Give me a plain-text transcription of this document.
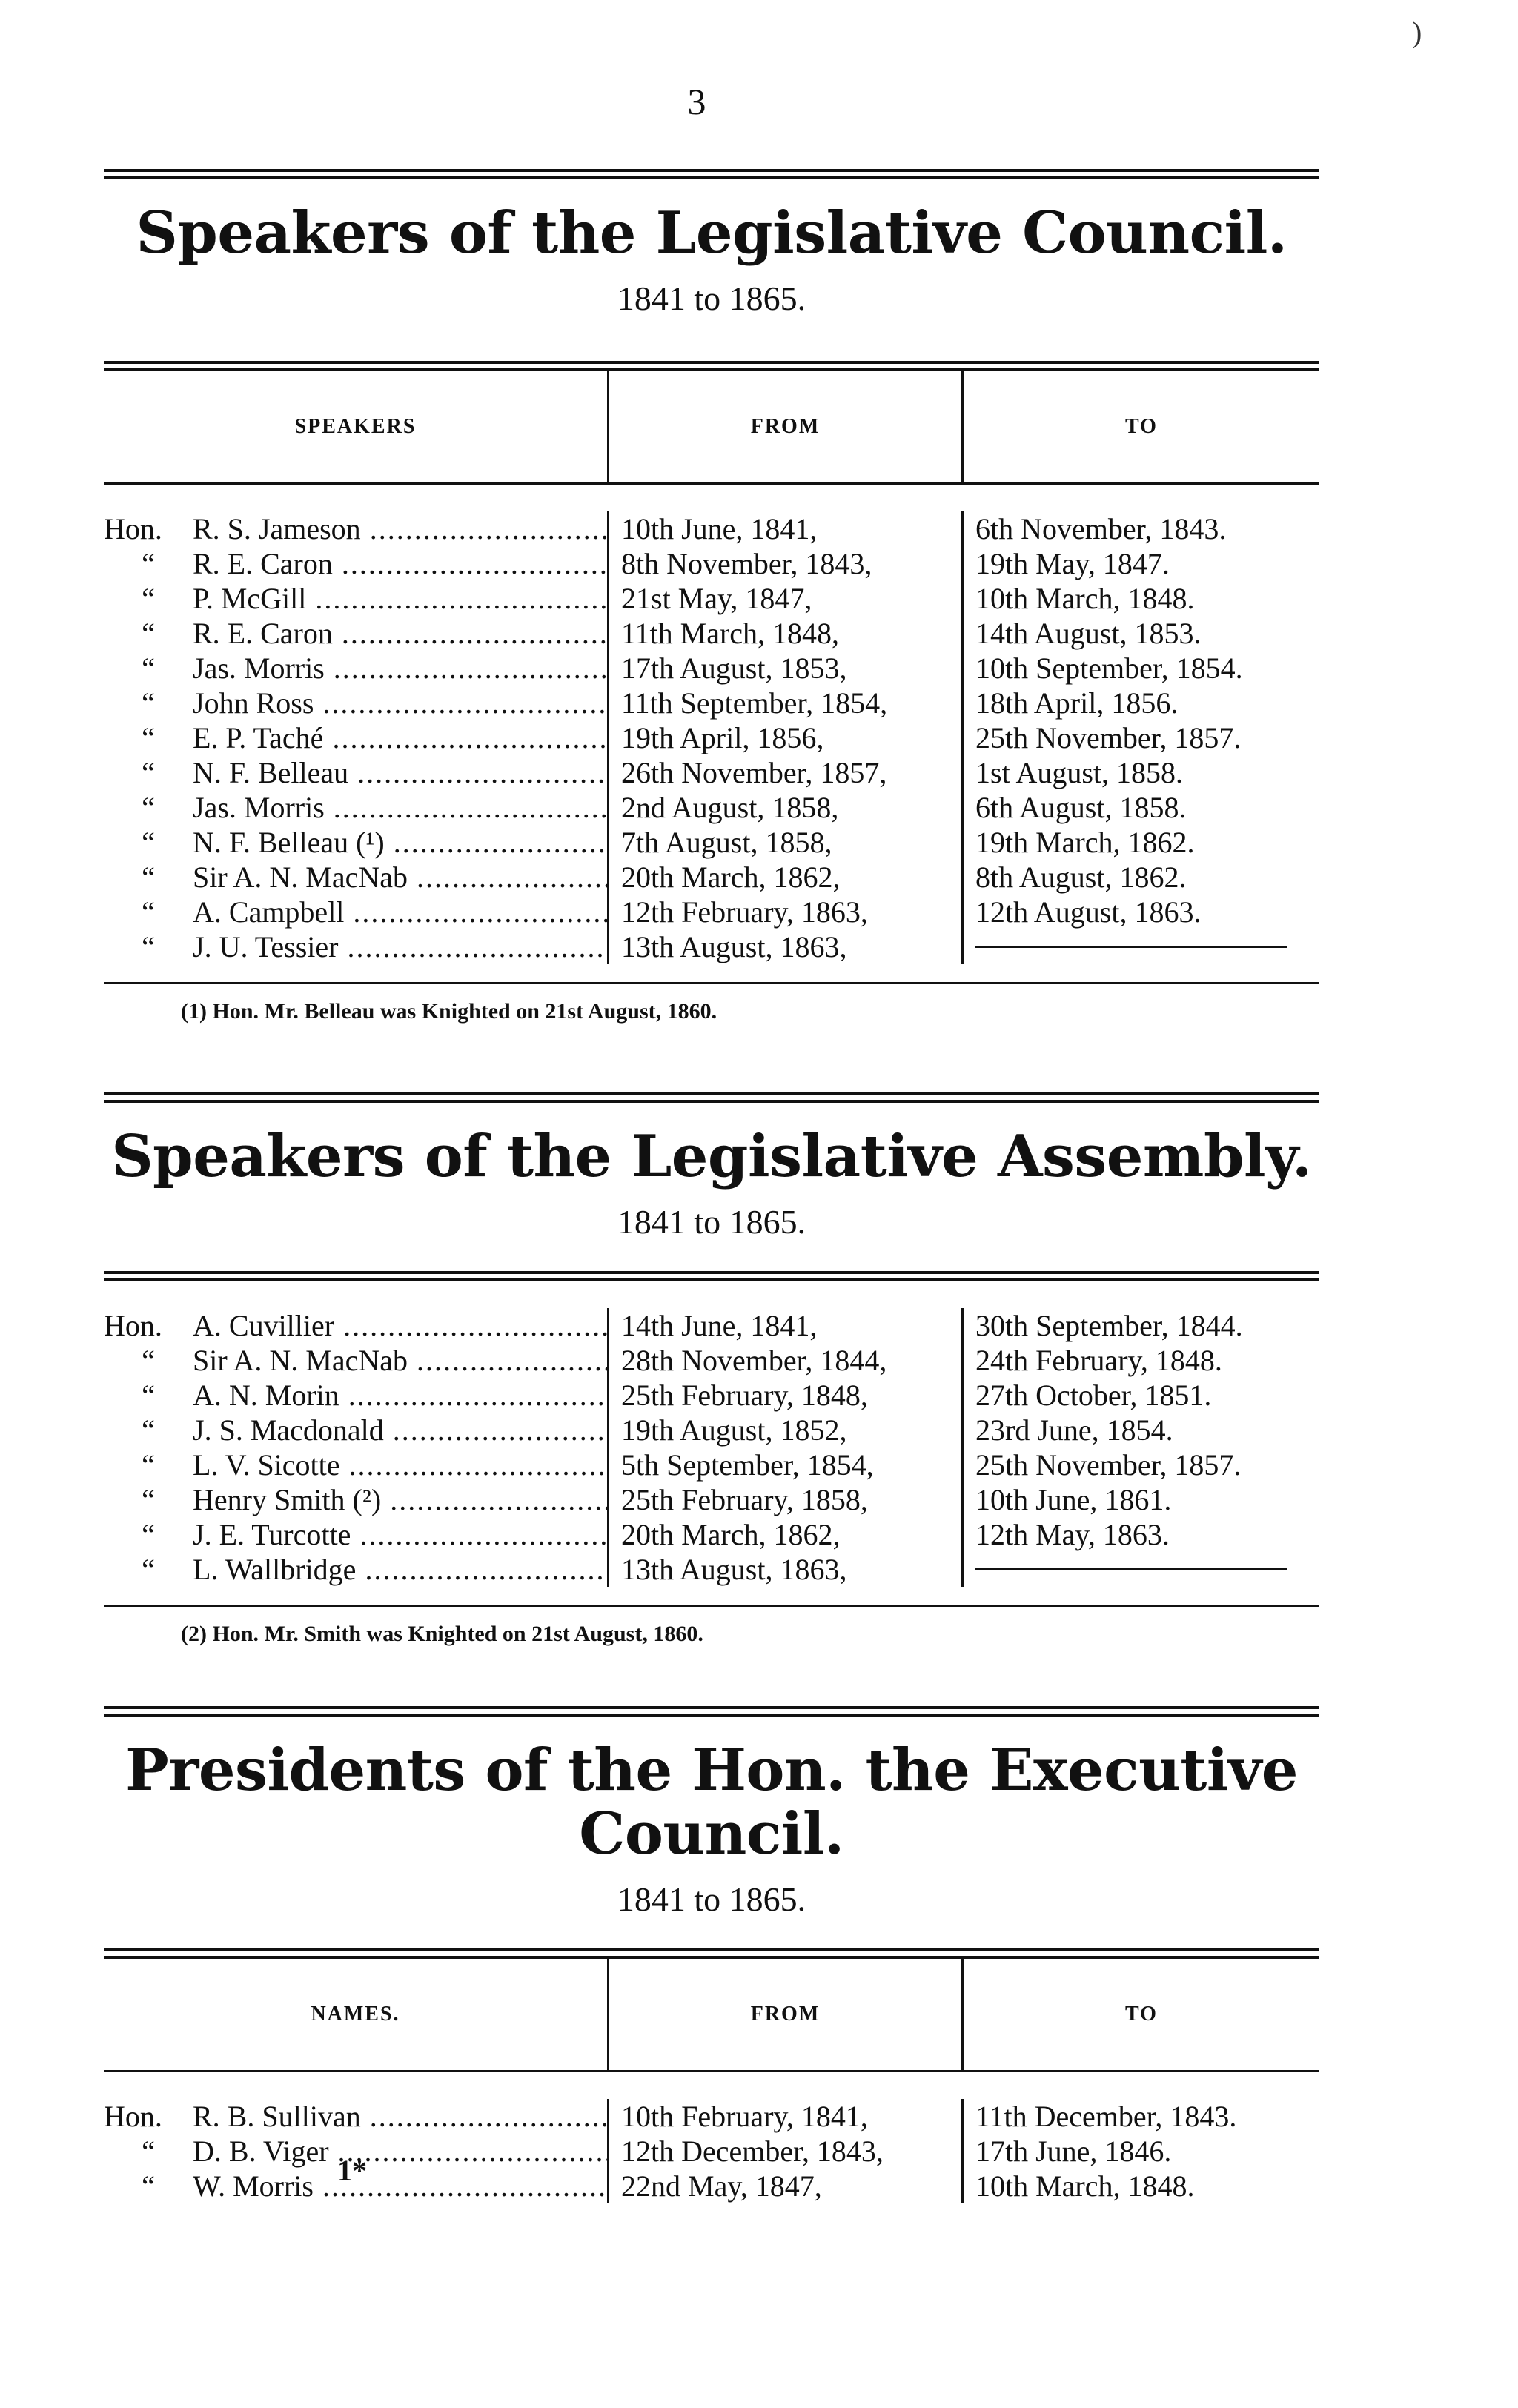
3
)
Speakers of the Legislative Council.
1841 to 1865.
SPEAKERS	FROM	TO
Hon.	R. S. Jameson .....	10th June, 1841,	6th November, 1843.
“	R. E. Caron .....	8th November, 1843,	19th May, 1847.
“	P. McGill .....	21st May, 1847,	10th March, 1848.
“	R. E. Caron .....	11th March, 1848,	14th August, 1853.
“	Jas. Morris .....	17th August, 1853,	10th September, 1854.
“	John Ross .....	11th September, 1854,	18th April, 1856.
“	E. P. Taché .....	19th April, 1856,	25th November, 1857.
“	N. F. Belleau .....	26th November, 1857,	1st August, 1858.
“	Jas. Morris .....	2nd August, 1858,	6th August, 1858.
“	N. F. Belleau (¹) .....	7th August, 1858,	19th March, 1862.
“	Sir A. N. MacNab .....	20th March, 1862,	8th August, 1862.
“	A. Campbell .....	12th February, 1863,	12th August, 1863.
“	J. U. Tessier .....	13th August, 1863,
(1) Hon. Mr. Belleau was Knighted on 21st August, 1860.
Speakers of the Legislative Assembly.
1841 to 1865.
Hon.	A. Cuvillier .....	14th June, 1841,	30th September, 1844.
“	Sir A. N. MacNab .....	28th November, 1844,	24th February, 1848.
“	A. N. Morin .....	25th February, 1848,	27th October, 1851.
“	J. S. Macdonald .....	19th August, 1852,	23rd June, 1854.
“	L. V. Sicotte .....	5th September, 1854,	25th November, 1857.
“	Henry Smith (²) .....	25th February, 1858,	10th June, 1861.
“	J. E. Turcotte .....	20th March, 1862,	12th May, 1863.
“	L. Wallbridge .....	13th August, 1863,
(2) Hon. Mr. Smith was Knighted on 21st August, 1860.
Presidents of the Hon. the Executive Council.
1841 to 1865.
NAMES.	FROM	TO
Hon.	R. B. Sullivan .....	10th February, 1841,	11th December, 1843.
“	D. B. Viger .....	12th December, 1843,	17th June, 1846.
“	W. Morris .....	22nd May, 1847,	10th March, 1848.
1*
